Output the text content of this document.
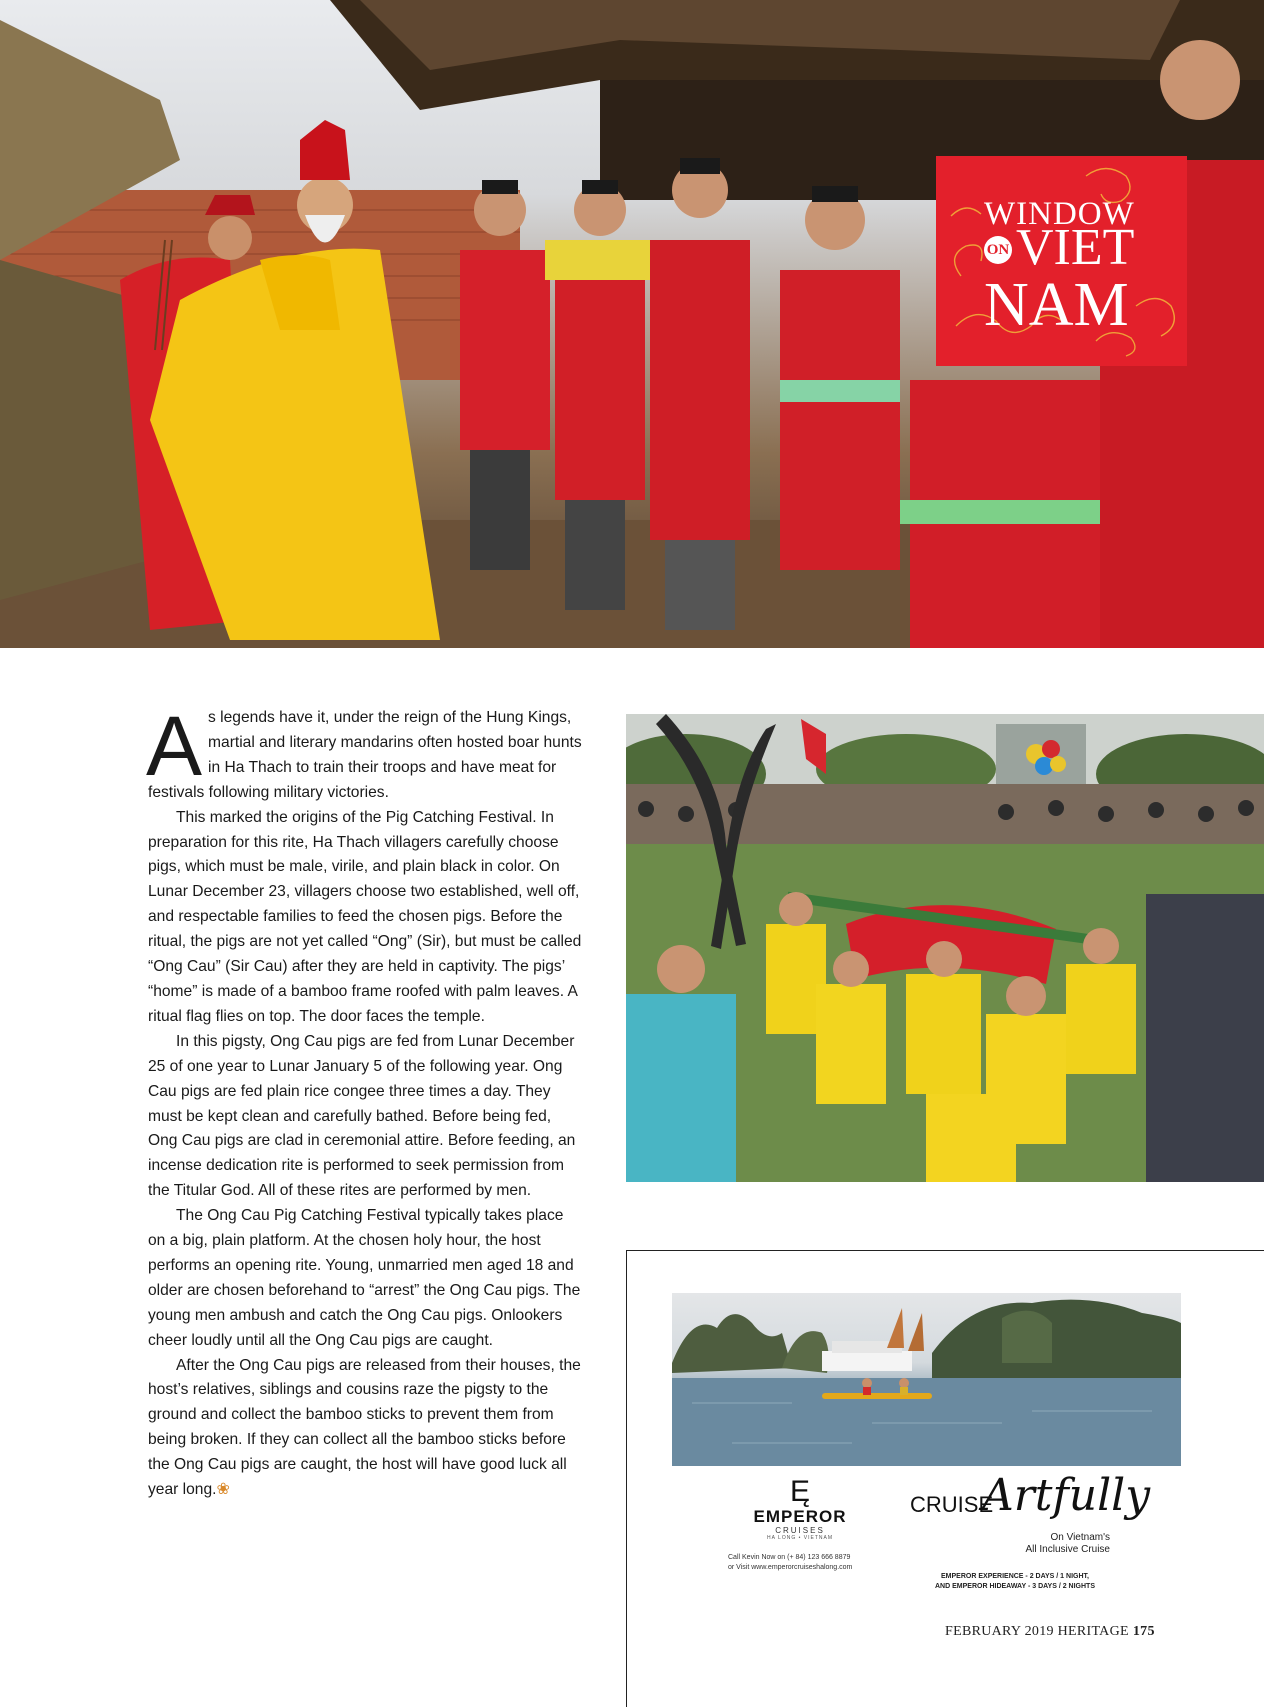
WINDOW
ON VIET
NAM

As legends have it, under the reign of the Hung Kings, martial and literary mandarins often hosted boar hunts in Ha Thach to train their troops and have meat for festivals following military victories.

This marked the origins of the Pig Catching Festival. In preparation for this rite, Ha Thach villagers carefully choose pigs, which must be male, virile, and plain black in color. On Lunar December 23, villagers choose two established, well off, and respectable families to feed the chosen pigs. Before the ritual, the pigs are not yet called “Ong” (Sir), but must be called “Ong Cau” (Sir Cau) after they are held in captivity. The pigs’ “home” is made of a bamboo frame roofed with palm leaves. A ritual flag flies on top. The door faces the temple.

In this pigsty, Ong Cau pigs are fed from Lunar December 25 of one year to Lunar January 5 of the following year. Ong Cau pigs are fed plain rice congee three times a day. They must be kept clean and carefully bathed. Before being fed, Ong Cau pigs are clad in ceremonial attire. Before feeding, an incense dedication rite is performed to seek permission from the Titular God. All of these rites are performed by men.

The Ong Cau Pig Catching Festival typically takes place on a big, plain platform. At the chosen holy hour, the host performs an opening rite. Young, unmarried men aged 18 and older are chosen beforehand to “arrest” the Ong Cau pigs. The young men ambush and catch the Ong Cau pigs. Onlookers cheer loudly until all the Ong Cau pigs are caught.

After the Ong Cau pigs are released from their houses, the host’s relatives, siblings and cousins raze the pigsty to the ground and collect the bamboo sticks to prevent them from being broken. If they can collect all the bamboo sticks before the Ong Cau pigs are caught, the host will have good luck all year long.❀	Ę
EMPEROR
CRUISES
HA LONG • VIETNAM
Call Kevin Now on (+ 84) 123 666 8879
or Visit www.emperorcruiseshalong.com
CRUISE
Artfully
On Vietnam's
All Inclusive Cruise
EMPEROR EXPERIENCE - 2 DAYS / 1 NIGHT,
AND EMPEROR HIDEAWAY - 3 DAYS / 2 NIGHTS
FEBRUARY 2019 HERITAGE 175
